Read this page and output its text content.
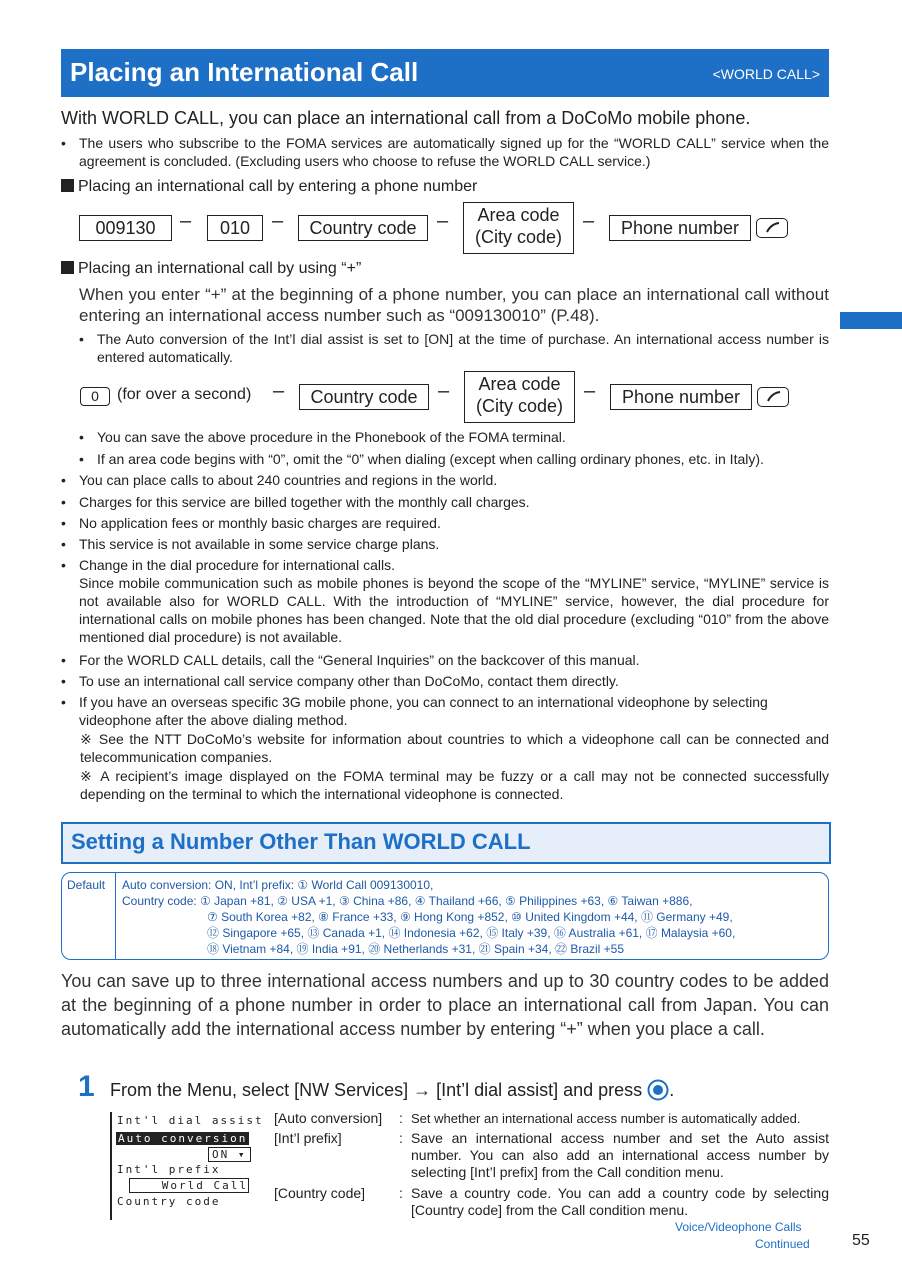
Placing an International Call	<WORLD CALL>
With WORLD CALL, you can place an international call from a DoCoMo mobile phone.
• The users who subscribe to the FOMA services are automatically signed up for the “WORLD CALL” service when the agreement is concluded. (Excluding users who choose to refuse the WORLD CALL service.)
Placing an international call by entering a phone number
009130	–	010	–	Country code	–	Area code
(City code)
–	Phone number
Placing an international call by using “+”
When you enter “+” at the beginning of a phone number, you can place an international call without entering an international access number such as “009130010” (P.48).
• The Auto conversion of the Int’l dial assist is set to [ON] at the time of purchase. An international access number is entered automatically.
0	(for over a second) –	Country code	–	Area code
(City code)
–	Phone number
• You can save the above procedure in the Phonebook of the FOMA terminal.
• If an area code begins with “0”, omit the “0” when dialing (except when calling ordinary phones, etc. in Italy).
• You can place calls to about 240 countries and regions in the world.
• Charges for this service are billed together with the monthly call charges.
• No application fees or monthly basic charges are required.
• This service is not available in some service charge plans.
• Change in the dial procedure for international calls.
Since mobile communication such as mobile phones is beyond the scope of the “MYLINE” service, “MYLINE” service is not available also for WORLD CALL. With the introduction of “MYLINE” service, however, the dial procedure for international calls on mobile phones has been changed. Note that the old dial procedure (excluding “010” from the above mentioned dial procedure) is not available.
• For the WORLD CALL details, call the “General Inquiries” on the backcover of this manual.
• To use an international call service company other than DoCoMo, contact them directly.
• If you have an overseas specific 3G mobile phone, you can connect to an international videophone by selecting videophone after the above dialing method.
※ See the NTT DoCoMo’s website for information about countries to which a videophone call can be connected and telecommunication companies.
※ A recipient’s image displayed on the FOMA terminal may be fuzzy or a call may not be connected successfully depending on the terminal to which the international videophone is connected.
Setting a Number Other Than WORLD CALL
Default Auto conversion: ON, Int’l prefix: ① World Call 009130010,
Country code: ① Japan +81, ② USA +1, ③ China +86, ④ Thailand +66, ⑤ Philippines +63, ⑥ Taiwan +886,
⑦ South Korea +82, ⑧ France +33, ⑨ Hong Kong +852, ⑩ United Kingdom +44, ⑪ Germany +49,
⑫ Singapore +65, ⑬ Canada +1, ⑭ Indonesia +62, ⑮ Italy +39, ⑯ Australia +61, ⑰ Malaysia +60,
⑱ Vietnam +84, ⑲ India +91, ⑳ Netherlands +31, ㉑ Spain +34, ㉒ Brazil +55
You can save up to three international access numbers and up to 30 country codes to be added at the beginning of a phone number in order to place an international call from Japan. You can automatically add the international access number by entering “+” when you place a call.
1 From the Menu, select [NW Services] → [Int’l dial assist] and press .
Int'l dial assist
Auto conversion
ON ▾
Int'l prefix
World Call
Country code
[Auto conversion] : Set whether an international access number is automatically added.
[Int’l prefix]	: Save an international access number and set the Auto assist number. You can also add an international access number by selecting [Int’l prefix] from the Call condition menu.
[Country code] : Save a country code. You can add a country code by selecting [Country code] from the Call condition menu.
Voice/Videophone Calls
Continued	55
